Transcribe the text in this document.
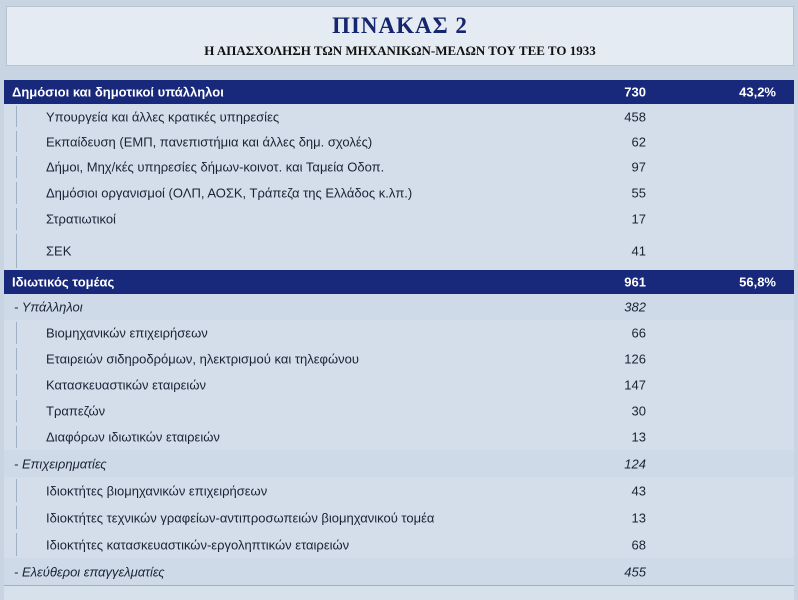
ΠΙΝΑΚΑΣ 2
Η ΑΠΑΣΧΟΛΗΣΗ ΤΩΝ ΜΗΧΑΝΙΚΩΝ-ΜΕΛΩΝ ΤΟΥ ΤΕΕ ΤΟ 1933
Δημόσιοι και δημοτικοί υπάλληλοι	730	43,2%
Υπουργεία και άλλες κρατικές υπηρεσίες	458
Εκπαίδευση (ΕΜΠ, πανεπιστήμια και άλλες δημ. σχολές)	62
Δήμοι, Μηχ/κές υπηρεσίες δήμων-κοινοτ. και Ταμεία Οδοπ.	97
Δημόσιοι οργανισμοί (ΟΛΠ, ΑΟΣΚ, Τράπεζα της Ελλάδος κ.λπ.)	55
Στρατιωτικοί	17
ΣΕΚ	41
Ιδιωτικός τομέας	961	56,8%
- Υπάλληλοι	382
Βιομηχανικών επιχειρήσεων	66
Εταιρειών σιδηροδρόμων, ηλεκτρισμού και τηλεφώνου	126
Κατασκευαστικών εταιρειών	147
Τραπεζών	30
Διαφόρων ιδιωτικών εταιρειών	13
- Επιχειρηματίες	124
Ιδιοκτήτες βιομηχανικών επιχειρήσεων	43
Ιδιοκτήτες τεχνικών γραφείων-αντιπροσωπειών βιομηχανικού τομέα	13
Ιδιοκτήτες κατασκευαστικών-εργοληπτικών εταιρειών	68
- Ελεύθεροι επαγγελματίες	455
